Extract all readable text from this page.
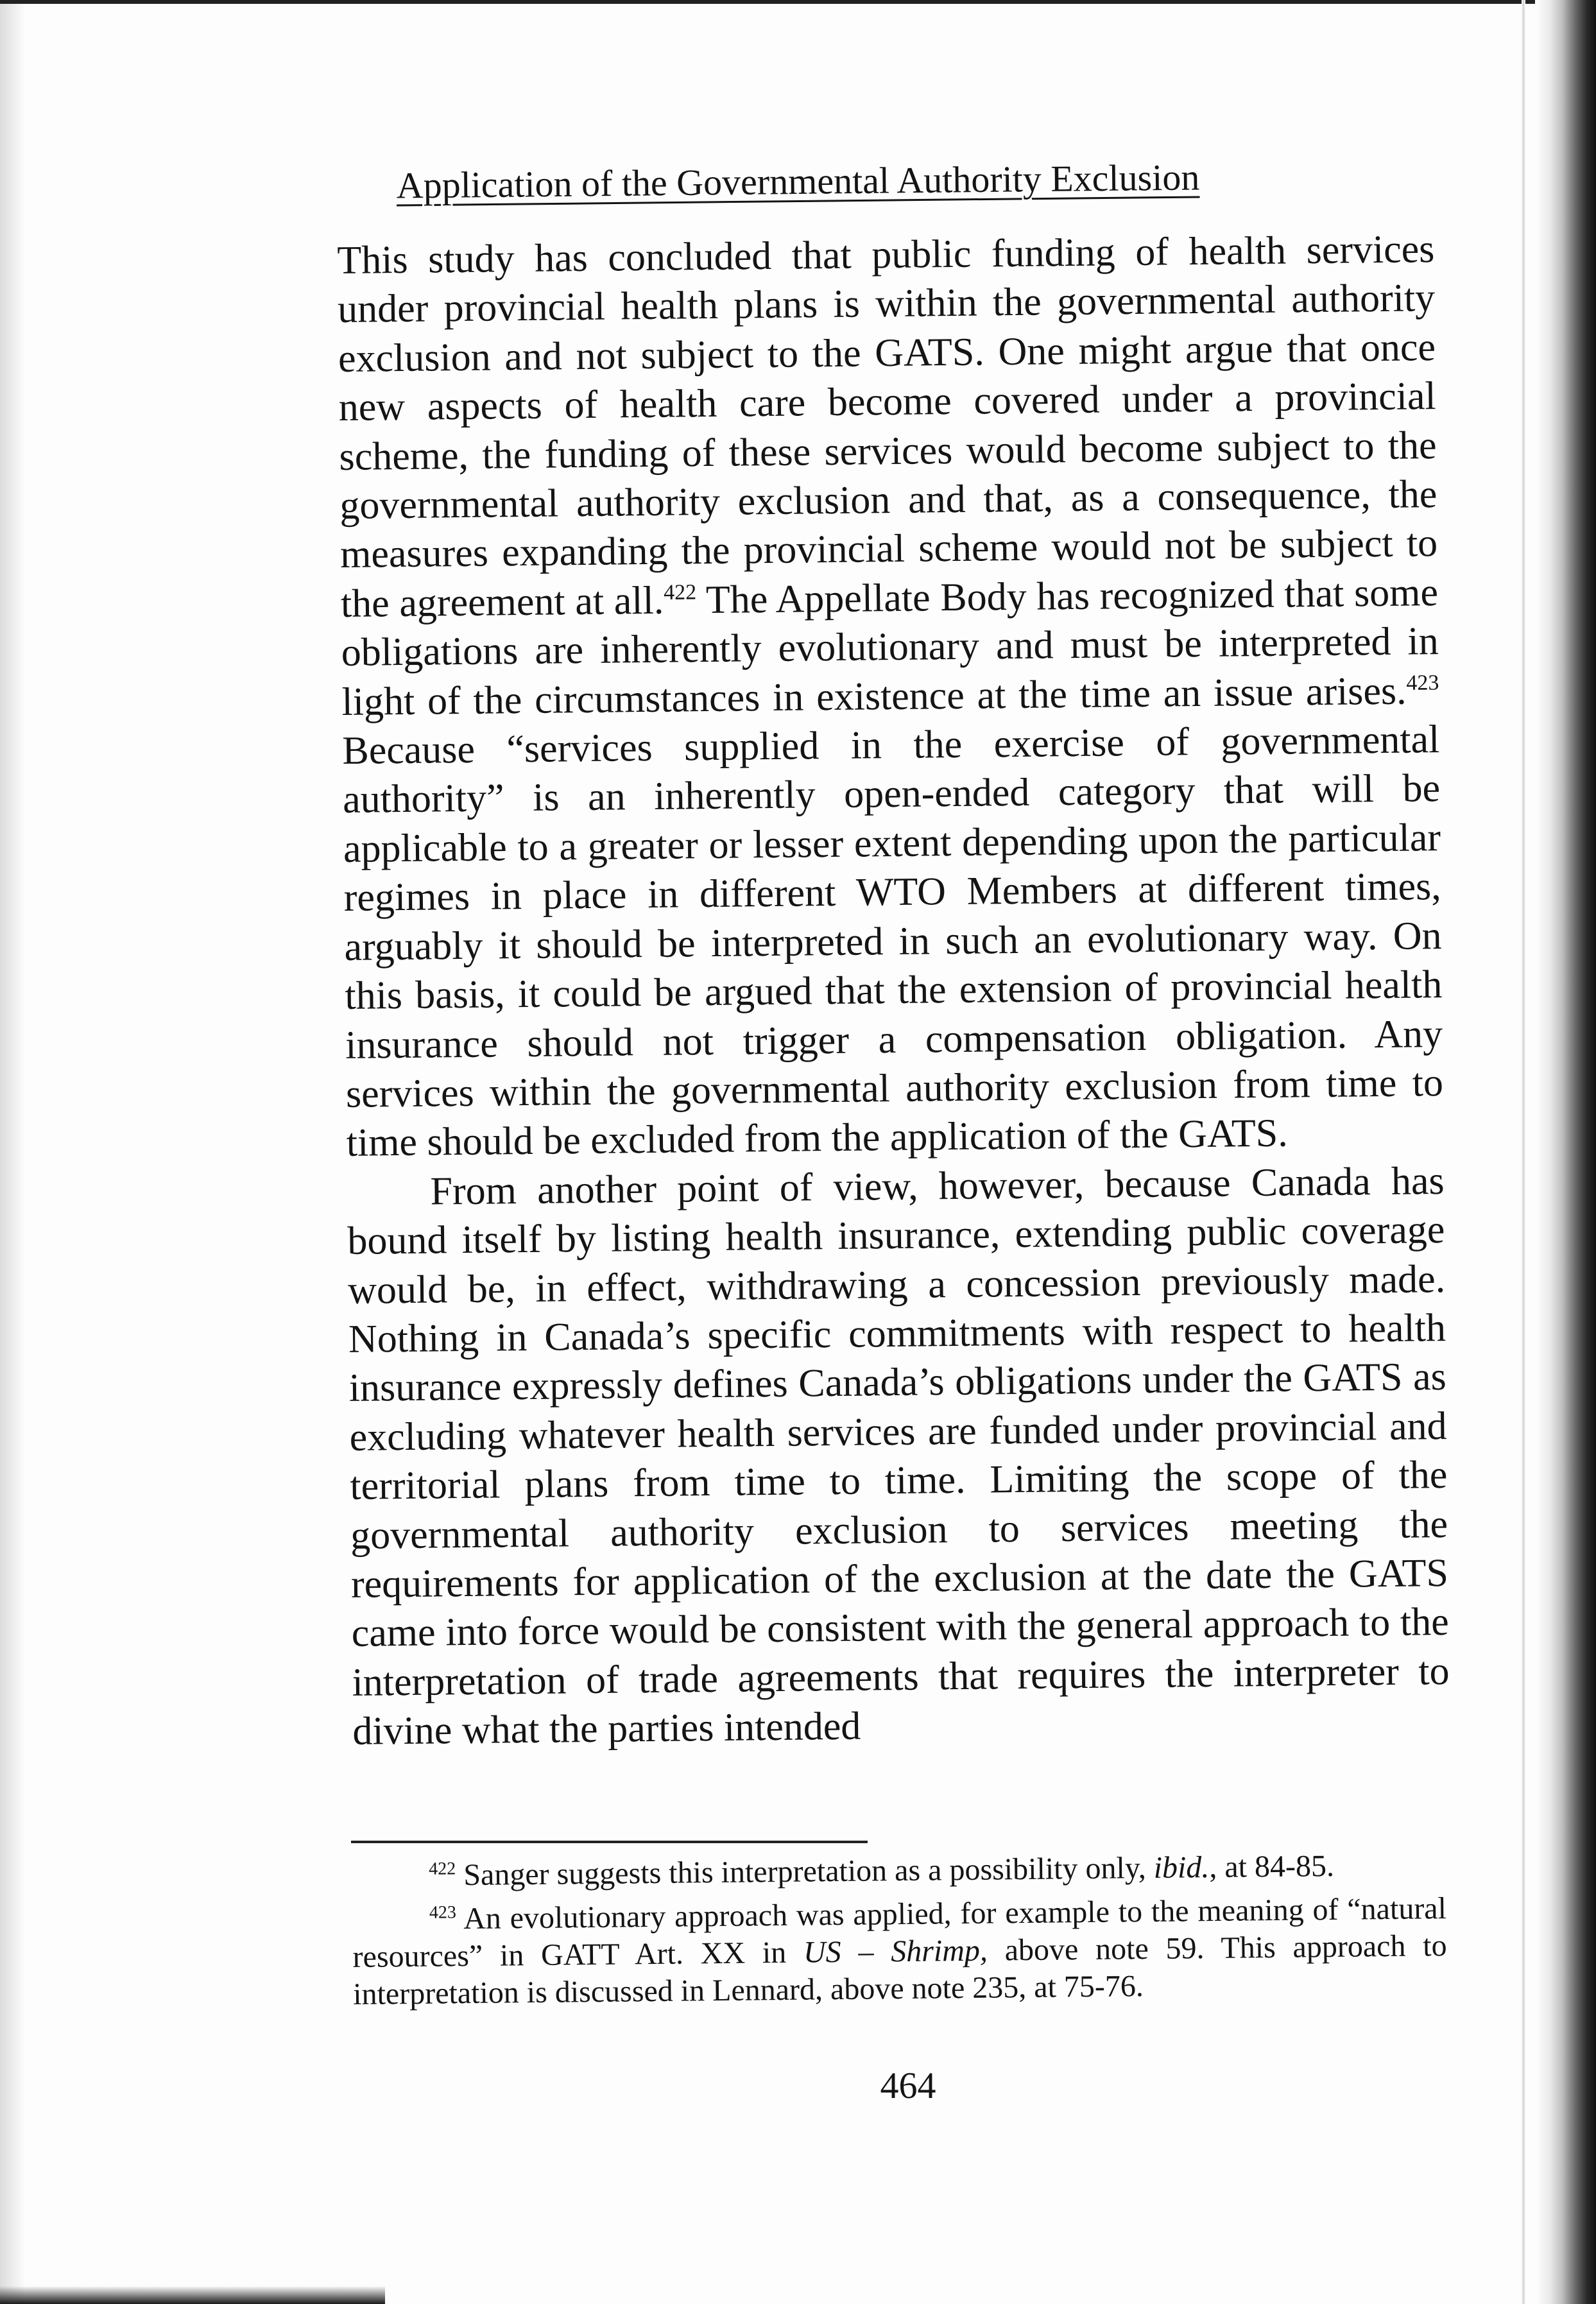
Application of the Governmental Authority Exclusion

This study has concluded that public funding of health services under provincial health plans is within the governmental authority exclusion and not subject to the GATS. One might argue that once new aspects of health care become covered under a provincial scheme, the funding of these services would become subject to the governmental authority exclusion and that, as a consequence, the measures expanding the provincial scheme would not be subject to the agreement at all.$^{422}$ The Appellate Body has recognized that some obligations are inherently evolutionary and must be interpreted in light of the circumstances in existence at the time an issue arises.$^{423}$ Because “services supplied in the exercise of governmental authority” is an inherently open-ended category that will be applicable to a greater or lesser extent depending upon the particular regimes in place in different WTO Members at different times, arguably it should be interpreted in such an evolutionary way. On this basis, it could be argued that the extension of provincial health insurance should not trigger a compensation obligation. Any services within the governmental authority exclusion from time to time should be excluded from the application of the GATS.

From another point of view, however, because Canada has bound itself by listing health insurance, extending public coverage would be, in effect, withdrawing a concession previously made. Nothing in Canada’s specific commitments with respect to health insurance expressly defines Canada’s obligations under the GATS as excluding whatever health services are funded under provincial and territorial plans from time to time. Limiting the scope of the governmental authority exclusion to services meeting the requirements for application of the exclusion at the date the GATS came into force would be consistent with the general approach to the interpretation of trade agreements that requires the interpreter to divine what the parties intended

$^{422}$ Sanger suggests this interpretation as a possibility only, ibid., at 84-85.

$^{423}$ An evolutionary approach was applied, for example to the meaning of “natural resources” in GATT Art. XX in US – Shrimp, above note 59. This approach to interpretation is discussed in Lennard, above note 235, at 75-76.

464
